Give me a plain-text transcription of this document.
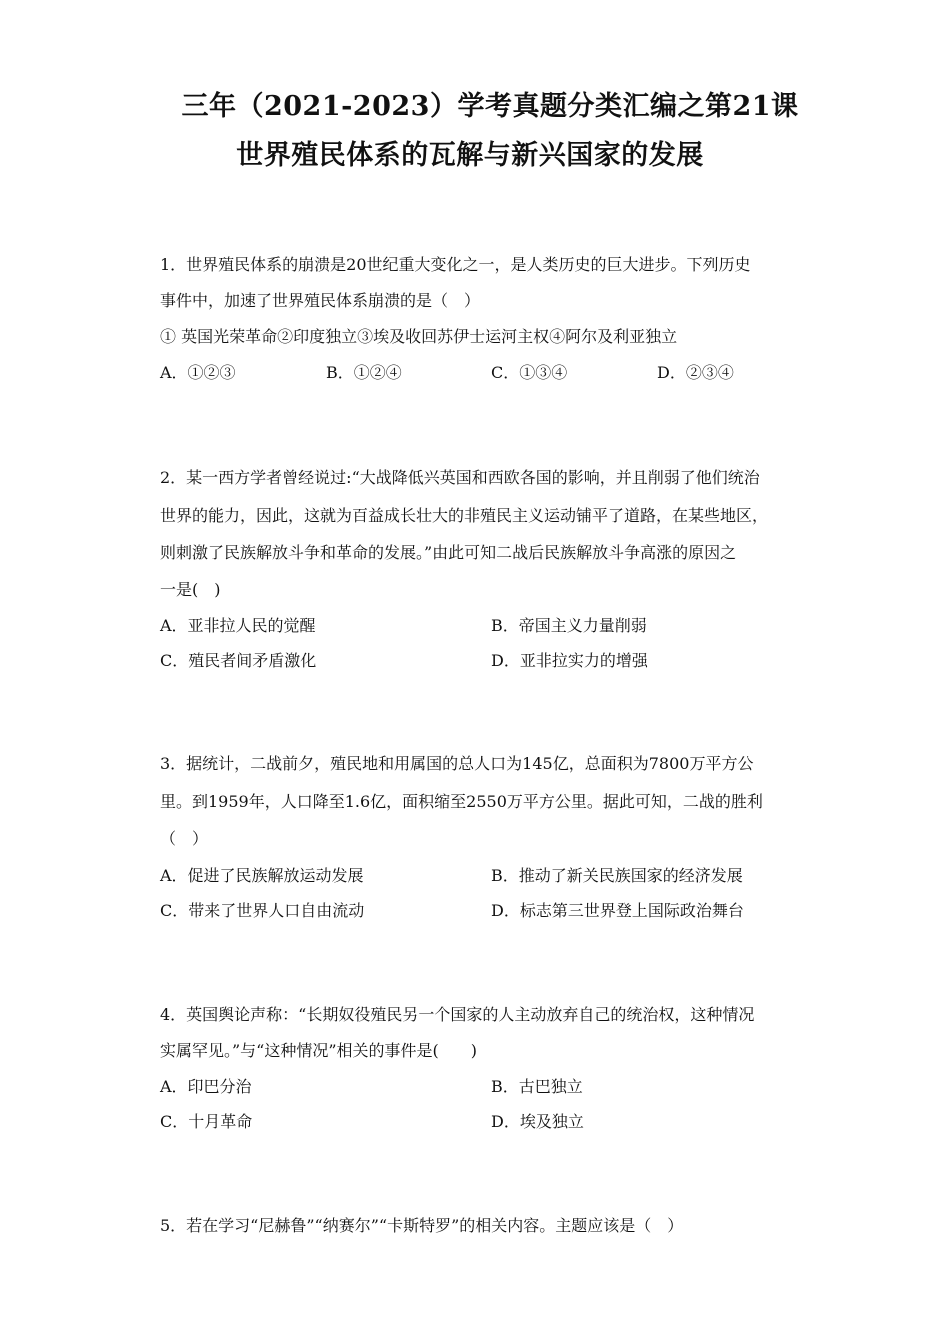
三年（2021-2023）学考真题分类汇编之第21课
世界殖民体系的瓦解与新兴国家的发展
1．世界殖民体系的崩溃是20世纪重大变化之一，是人类历史的巨大进步。下列历史
事件中，加速了世界殖民体系崩溃的是（　）
① 英国光荣革命②印度独立③埃及收回苏伊士运河主权④阿尔及利亚独立
A．①②③	B．①②④	C．①③④	D．②③④
2．某一西方学者曾经说过:“大战降低兴英国和西欧各国的影响，并且削弱了他们统治
世界的能力，因此，这就为百益成长壮大的非殖民主义运动铺平了道路，在某些地区，
则刺激了民族解放斗争和革命的发展。”由此可知二战后民族解放斗争高涨的原因之
一是(　)
A．亚非拉人民的觉醒	B．帝国主义力量削弱
C．殖民者间矛盾激化	D．亚非拉实力的增强
3．据统计，二战前夕，殖民地和用属国的总人口为145亿，总面积为7800万平方公
里。到1959年，人口降至1.6亿，面积缩至2550万平方公里。据此可知，二战的胜利
（　）
A．促进了民族解放运动发展	B．推动了新关民族国家的经济发展
C．带来了世界人口自由流动	D．标志第三世界登上国际政治舞台
4．英国舆论声称：“长期奴役殖民另一个国家的人主动放弃自己的统治权，这种情况
实属罕见。”与“这种情况”相关的事件是(　　)
A．印巴分治	B．古巴独立
C．十月革命	D．埃及独立
5．若在学习“尼赫鲁”“纳赛尔”“卡斯特罗”的相关内容。主题应该是（　）
